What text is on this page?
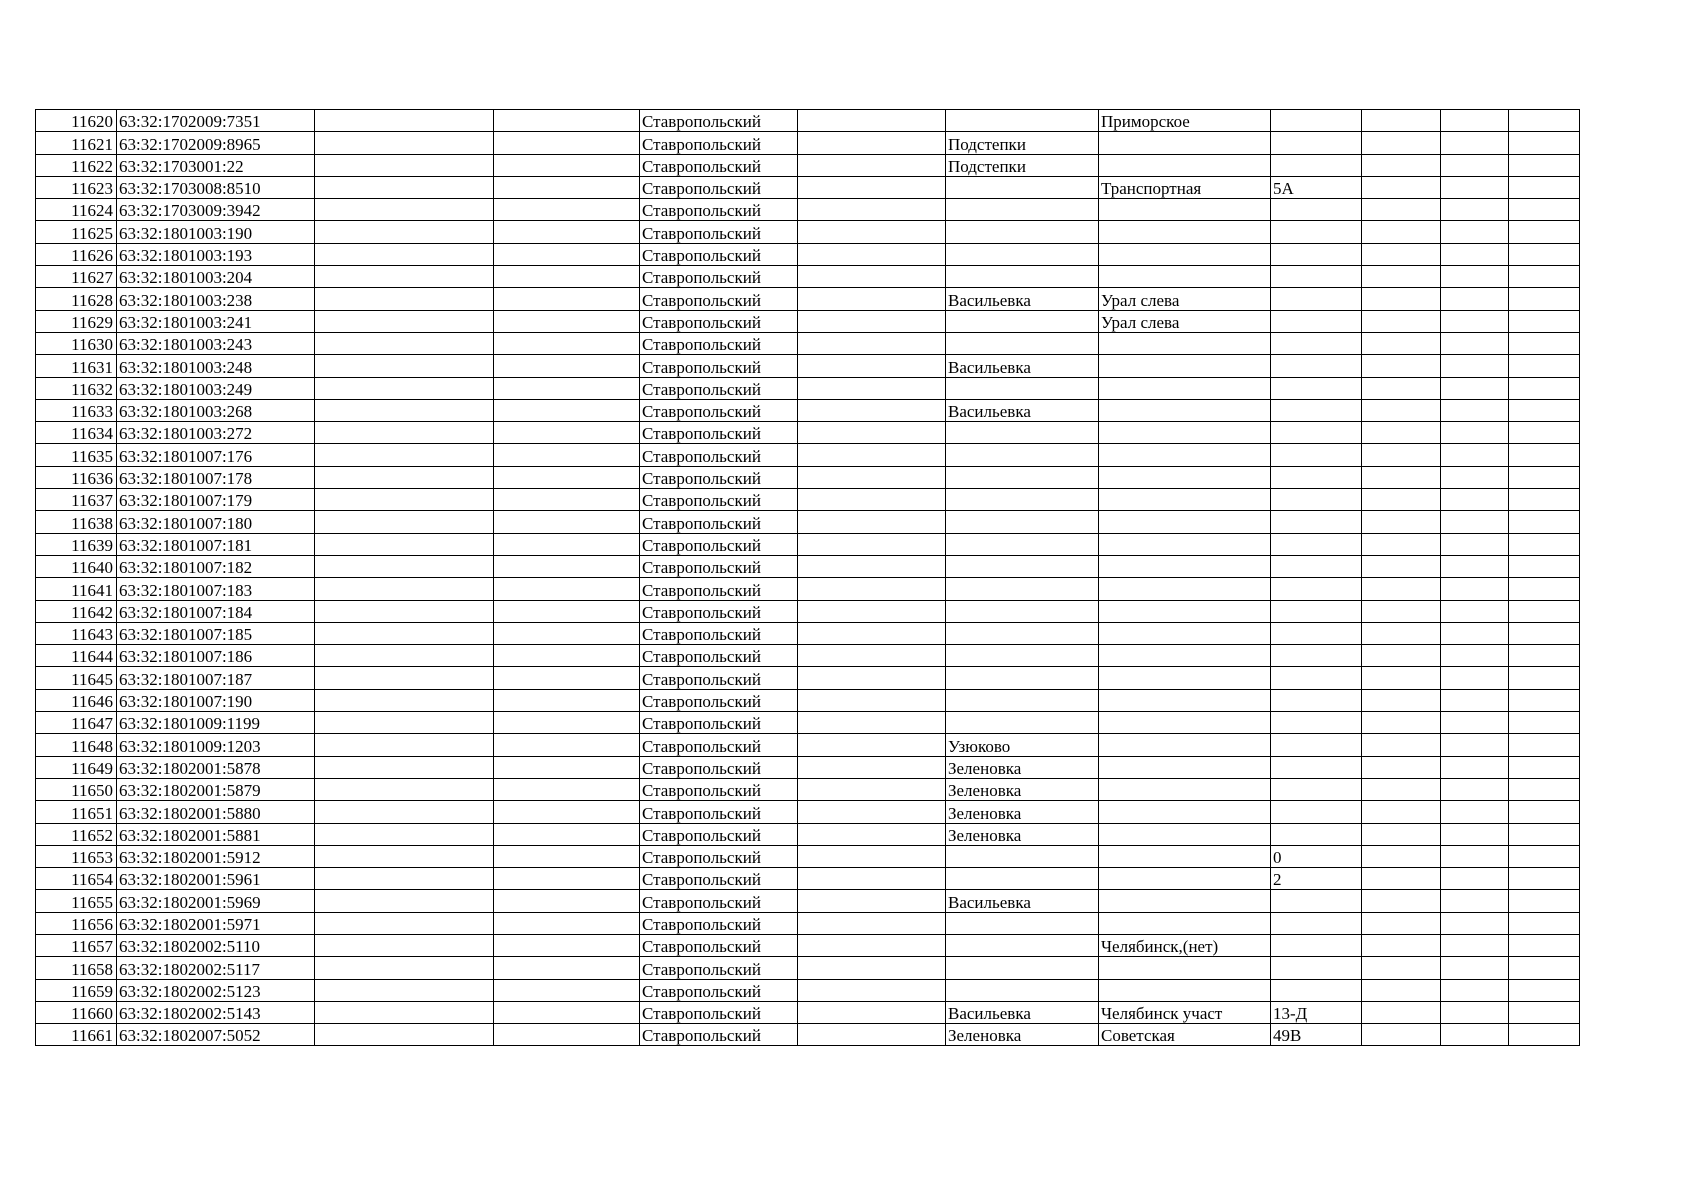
11620	63:32:1702009:7351			Ставропольский			Приморское				
11621	63:32:1702009:8965			Ставропольский		Подстепки					
11622	63:32:1703001:22			Ставропольский		Подстепки					
11623	63:32:1703008:8510			Ставропольский			Транспортная	5А			
11624	63:32:1703009:3942			Ставропольский							
11625	63:32:1801003:190			Ставропольский							
11626	63:32:1801003:193			Ставропольский							
11627	63:32:1801003:204			Ставропольский							
11628	63:32:1801003:238			Ставропольский		Васильевка	Урал слева				
11629	63:32:1801003:241			Ставропольский			Урал слева				
11630	63:32:1801003:243			Ставропольский							
11631	63:32:1801003:248			Ставропольский		Васильевка					
11632	63:32:1801003:249			Ставропольский							
11633	63:32:1801003:268			Ставропольский		Васильевка					
11634	63:32:1801003:272			Ставропольский							
11635	63:32:1801007:176			Ставропольский							
11636	63:32:1801007:178			Ставропольский							
11637	63:32:1801007:179			Ставропольский							
11638	63:32:1801007:180			Ставропольский							
11639	63:32:1801007:181			Ставропольский							
11640	63:32:1801007:182			Ставропольский							
11641	63:32:1801007:183			Ставропольский							
11642	63:32:1801007:184			Ставропольский							
11643	63:32:1801007:185			Ставропольский							
11644	63:32:1801007:186			Ставропольский							
11645	63:32:1801007:187			Ставропольский							
11646	63:32:1801007:190			Ставропольский							
11647	63:32:1801009:1199			Ставропольский							
11648	63:32:1801009:1203			Ставропольский		Узюково					
11649	63:32:1802001:5878			Ставропольский		Зеленовка					
11650	63:32:1802001:5879			Ставропольский		Зеленовка					
11651	63:32:1802001:5880			Ставропольский		Зеленовка					
11652	63:32:1802001:5881			Ставропольский		Зеленовка					
11653	63:32:1802001:5912			Ставропольский				0			
11654	63:32:1802001:5961			Ставропольский				2			
11655	63:32:1802001:5969			Ставропольский		Васильевка					
11656	63:32:1802001:5971			Ставропольский							
11657	63:32:1802002:5110			Ставропольский			Челябинск,(нет)				
11658	63:32:1802002:5117			Ставропольский							
11659	63:32:1802002:5123			Ставропольский							
11660	63:32:1802002:5143			Ставропольский		Васильевка	Челябинск участ	13-Д			
11661	63:32:1802007:5052			Ставропольский		Зеленовка	Советская	49В			
